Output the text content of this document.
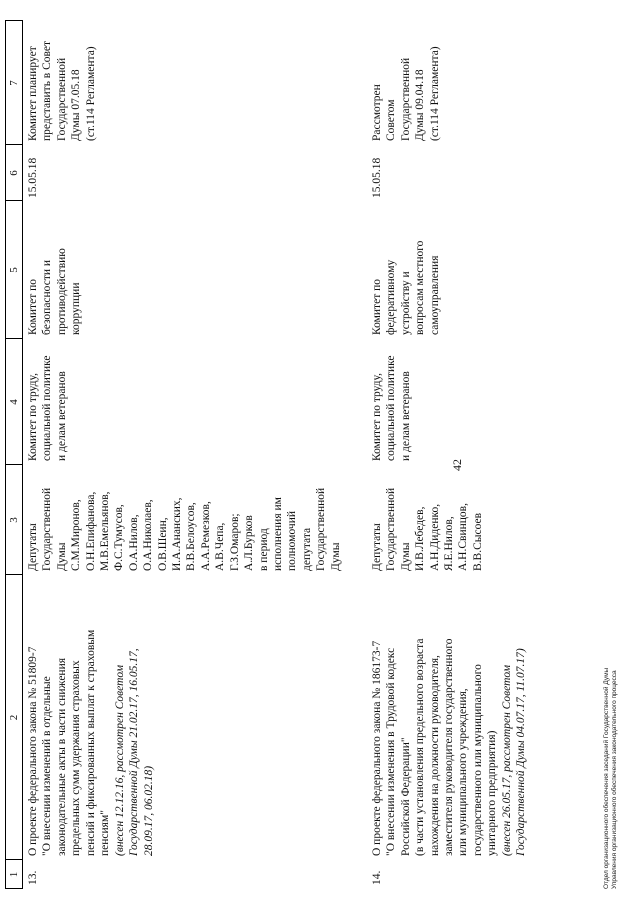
42
1
2
3
4
5
6
7
13.
О проекте федерального закона № 51809-7
"О внесении изменений в отдельные
законодательные акты в части снижения
предельных сумм удержания страховых
пенсий и фиксированных выплат к страховым
пенсиям" (внесен 12.12.16, рассмотрен Советом
Государственной Думы 21.02.17, 16.05.17,
28.09.17, 06.02.18)
Депутаты
Государственной
Думы
С.М.Миронов,
О.Н.Епифанова,
М.В.Емельянов,
Ф.С.Тумусов,
О.А.Нилов,
О.А.Николаев,
О.В.Шеин,
И.А.Ананских,
В.В.Белоусов,
А.А.Ремезков,
А.В.Чепа,
Г.З.Омаров;
А.Л.Бурков
в период
исполнения им
полномочий
депутата
Государственной
Думы
Комитет по труду,
социальной политике
и делам ветеранов
Комитет по
безопасности и
противодействию
коррупции
15.05.18
Комитет планирует
представить в Совет
Государственной
Думы 07.05.18
(ст.114 Регламента)
14.
О проекте федерального закона № 186173-7
"О внесении изменения в Трудовой кодекс
Российской Федерации"
(в части установления предельного возраста
нахождения на должности руководителя,
заместителя руководителя государственного
или муниципального учреждения,
государственного или муниципального
унитарного предприятия)
(внесен 26.05.17, рассмотрен Советом
Государственной Думы 04.07.17, 11.07.17)
Депутаты
Государственной
Думы
И.В.Лебедев,
А.Н.Диденко,
Я.Е.Нилов,
А.Н.Свинцов,
В.В.Сысоев
Комитет по труду,
социальной политике
и делам ветеранов
Комитет по
федеративному
устройству и
вопросам местного
самоуправления
15.05.18
Рассмотрен
Советом
Государственной
Думы 09.04.18
(ст.114 Регламента)
Отдел организационного обеспечения заседаний Государственной Думы Управления организационного обеспечения законодательного процесса
